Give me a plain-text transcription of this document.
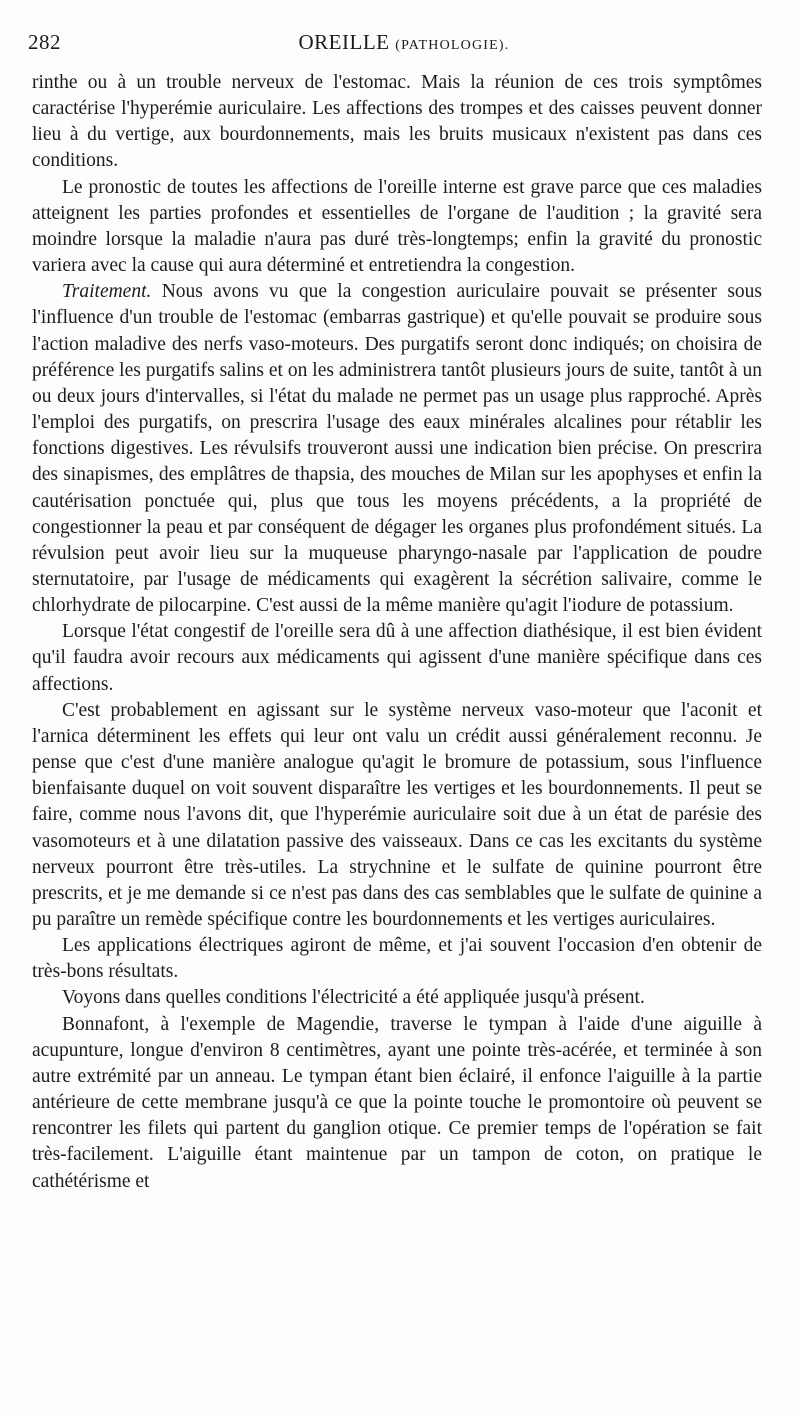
282	OREILLE (PATHOLOGIE).

rinthe ou à un trouble nerveux de l'estomac. Mais la réunion de ces trois symptômes caractérise l'hyperémie auriculaire. Les affections des trompes et des caisses peuvent donner lieu à du vertige, aux bourdonnements, mais les bruits musicaux n'existent pas dans ces conditions.

Le pronostic de toutes les affections de l'oreille interne est grave parce que ces maladies atteignent les parties profondes et essentielles de l'organe de l'audition ; la gravité sera moindre lorsque la maladie n'aura pas duré très-longtemps; enfin la gravité du pronostic variera avec la cause qui aura déterminé et entretiendra la congestion.

Traitement. Nous avons vu que la congestion auriculaire pouvait se présenter sous l'influence d'un trouble de l'estomac (embarras gastrique) et qu'elle pouvait se produire sous l'action maladive des nerfs vaso-moteurs. Des purgatifs seront donc indiqués; on choisira de préférence les purgatifs salins et on les administrera tantôt plusieurs jours de suite, tantôt à un ou deux jours d'intervalles, si l'état du malade ne permet pas un usage plus rapproché. Après l'emploi des purgatifs, on prescrira l'usage des eaux minérales alcalines pour rétablir les fonctions digestives. Les révulsifs trouveront aussi une indication bien précise. On prescrira des sinapismes, des emplâtres de thapsia, des mouches de Milan sur les apophyses et enfin la cautérisation ponctuée qui, plus que tous les moyens précédents, a la propriété de congestionner la peau et par conséquent de dégager les organes plus profondément situés. La révulsion peut avoir lieu sur la muqueuse pharyngo-nasale par l'application de poudre sternutatoire, par l'usage de médicaments qui exagèrent la sécrétion salivaire, comme le chlorhydrate de pilocarpine. C'est aussi de la même manière qu'agit l'iodure de potassium.

Lorsque l'état congestif de l'oreille sera dû à une affection diathésique, il est bien évident qu'il faudra avoir recours aux médicaments qui agissent d'une manière spécifique dans ces affections.

C'est probablement en agissant sur le système nerveux vaso-moteur que l'aconit et l'arnica déterminent les effets qui leur ont valu un crédit aussi généralement reconnu. Je pense que c'est d'une manière analogue qu'agit le bromure de potassium, sous l'influence bienfaisante duquel on voit souvent disparaître les vertiges et les bourdonnements. Il peut se faire, comme nous l'avons dit, que l'hyperémie auriculaire soit due à un état de parésie des vasomoteurs et à une dilatation passive des vaisseaux. Dans ce cas les excitants du système nerveux pourront être très-utiles. La strychnine et le sulfate de quinine pourront être prescrits, et je me demande si ce n'est pas dans des cas semblables que le sulfate de quinine a pu paraître un remède spécifique contre les bourdonnements et les vertiges auriculaires.

Les applications électriques agiront de même, et j'ai souvent l'occasion d'en obtenir de très-bons résultats.

Voyons dans quelles conditions l'électricité a été appliquée jusqu'à présent.

Bonnafont, à l'exemple de Magendie, traverse le tympan à l'aide d'une aiguille à acupunture, longue d'environ 8 centimètres, ayant une pointe très-acérée, et terminée à son autre extrémité par un anneau. Le tympan étant bien éclairé, il enfonce l'aiguille à la partie antérieure de cette membrane jusqu'à ce que la pointe touche le promontoire où peuvent se rencontrer les filets qui partent du ganglion otique. Ce premier temps de l'opération se fait très-facilement. L'aiguille étant maintenue par un tampon de coton, on pratique le cathétérisme et
